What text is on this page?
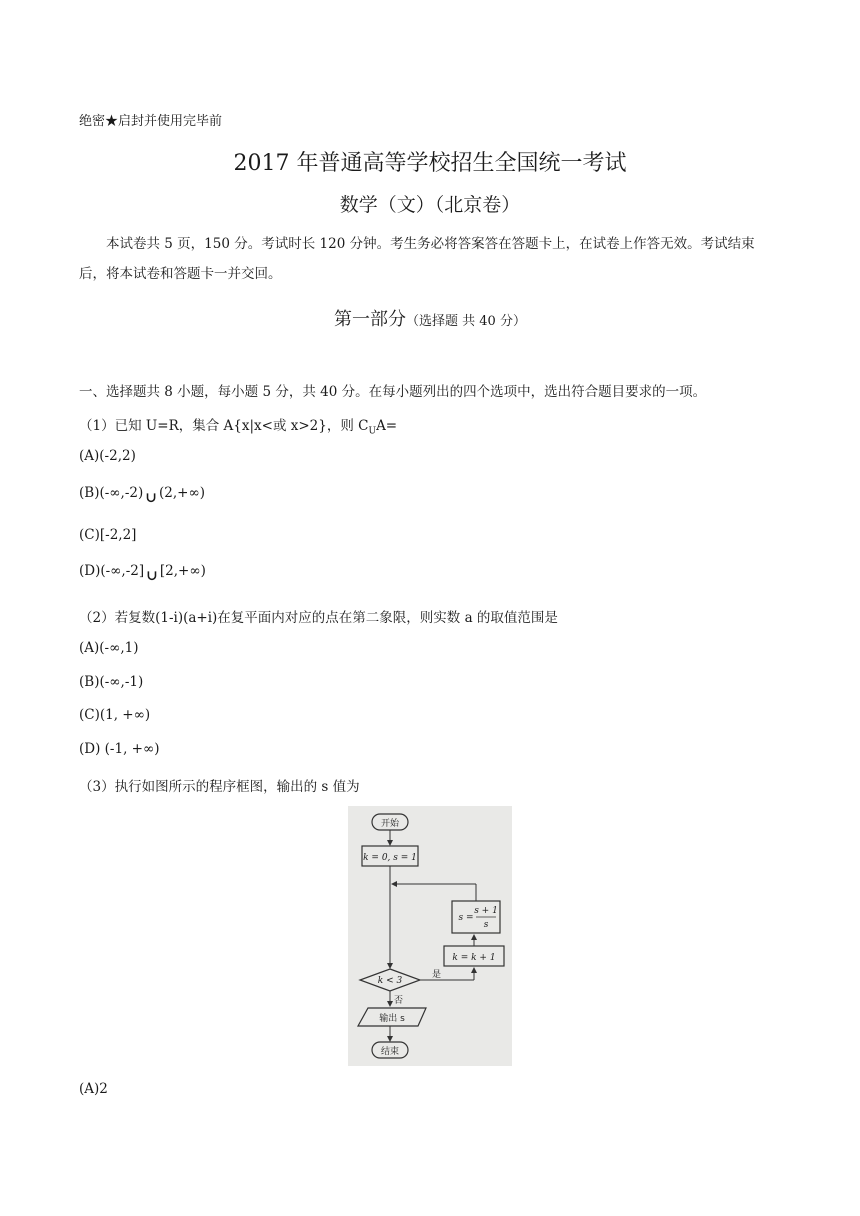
绝密★启封并使用完毕前
2017 年普通高等学校招生全国统一考试
数学（文）（北京卷）
本试卷共 5 页，150 分。考试时长 120 分钟。考生务必将答案答在答题卡上，在试卷上作答无效。考试结束后，将本试卷和答题卡一并交回。
第一部分（选择题 共 40 分）
一、选择题共 8 小题，每小题 5 分，共 40 分。在每小题列出的四个选项中，选出符合题目要求的一项。
（1）已知 U=R，集合 A{x|x<或 x>2}，则 $C_UA=$
(A)(-2,2)
(B)(-∞,-2) ∪ (2,+∞)
(C)[-2,2]
(D)(-∞,-2] ∪ [2,+∞)
（2）若复数(1-i)(a+i)在复平面内对应的点在第二象限，则实数 a 的取值范围是
(A)(-∞,1)
(B)(-∞,-1)
(C)(1, +∞)
(D) (-1, +∞)
（3）执行如图所示的程序框图，输出的 s 值为
开始
k = 0, s = 1
s =
s + 1
s
k = k + 1
是
k < 3
否
输出 s
结束
(A)2
